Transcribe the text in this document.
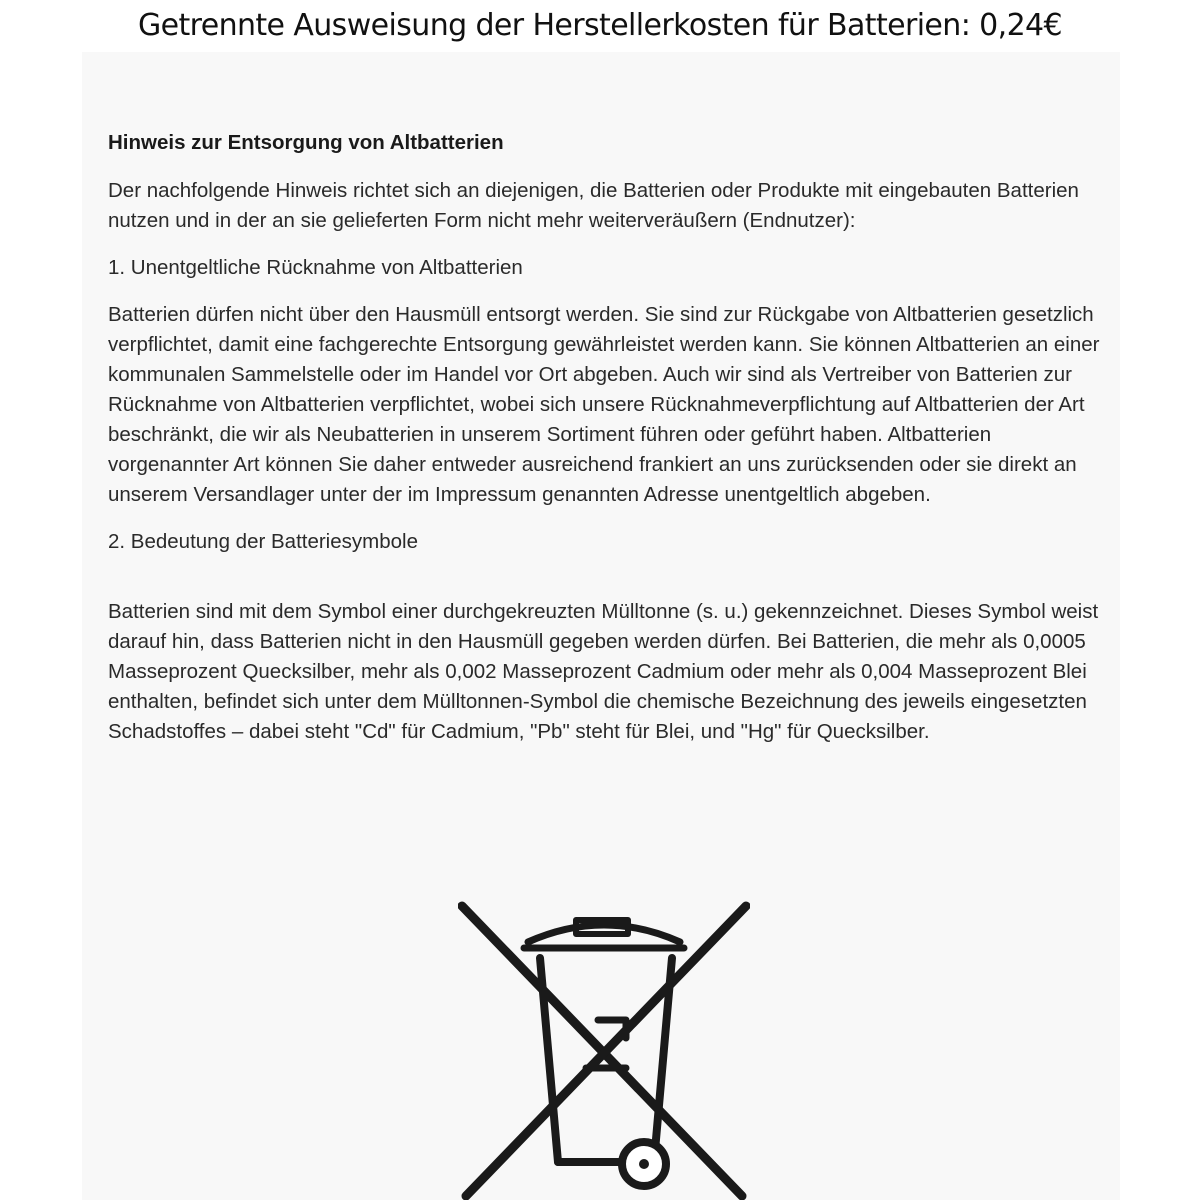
Getrennte Ausweisung der Herstellerkosten für Batterien: 0,24€

Hinweis zur Entsorgung von Altbatterien

Der nachfolgende Hinweis richtet sich an diejenigen, die Batterien oder Produkte mit eingebauten Batterien nutzen und in der an sie gelieferten Form nicht mehr weiterveräußern (Endnutzer):

1. Unentgeltliche Rücknahme von Altbatterien

Batterien dürfen nicht über den Hausmüll entsorgt werden. Sie sind zur Rückgabe von Altbatterien gesetzlich verpflichtet, damit eine fachgerechte Entsorgung gewährleistet werden kann. Sie können Altbatterien an einer kommunalen Sammelstelle oder im Handel vor Ort abgeben. Auch wir sind als Vertreiber von Batterien zur Rücknahme von Altbatterien verpflichtet, wobei sich unsere Rücknahmeverpflichtung auf Altbatterien der Art beschränkt, die wir als Neubatterien in unserem Sortiment führen oder geführt haben. Altbatterien vorgenannter Art können Sie daher entweder ausreichend frankiert an uns zurücksenden oder sie direkt an unserem Versandlager unter der im Impressum genannten Adresse unentgeltlich abgeben.

2. Bedeutung der Batteriesymbole

Batterien sind mit dem Symbol einer durchgekreuzten Mülltonne (s. u.) gekennzeichnet. Dieses Symbol weist darauf hin, dass Batterien nicht in den Hausmüll gegeben werden dürfen. Bei Batterien, die mehr als 0,0005 Masseprozent Quecksilber, mehr als 0,002 Masseprozent Cadmium oder mehr als 0,004 Masseprozent Blei enthalten, befindet sich unter dem Mülltonnen-Symbol die chemische Bezeichnung des jeweils eingesetzten Schadstoffes – dabei steht "Cd" für Cadmium, "Pb" steht für Blei, und "Hg" für Quecksilber.
